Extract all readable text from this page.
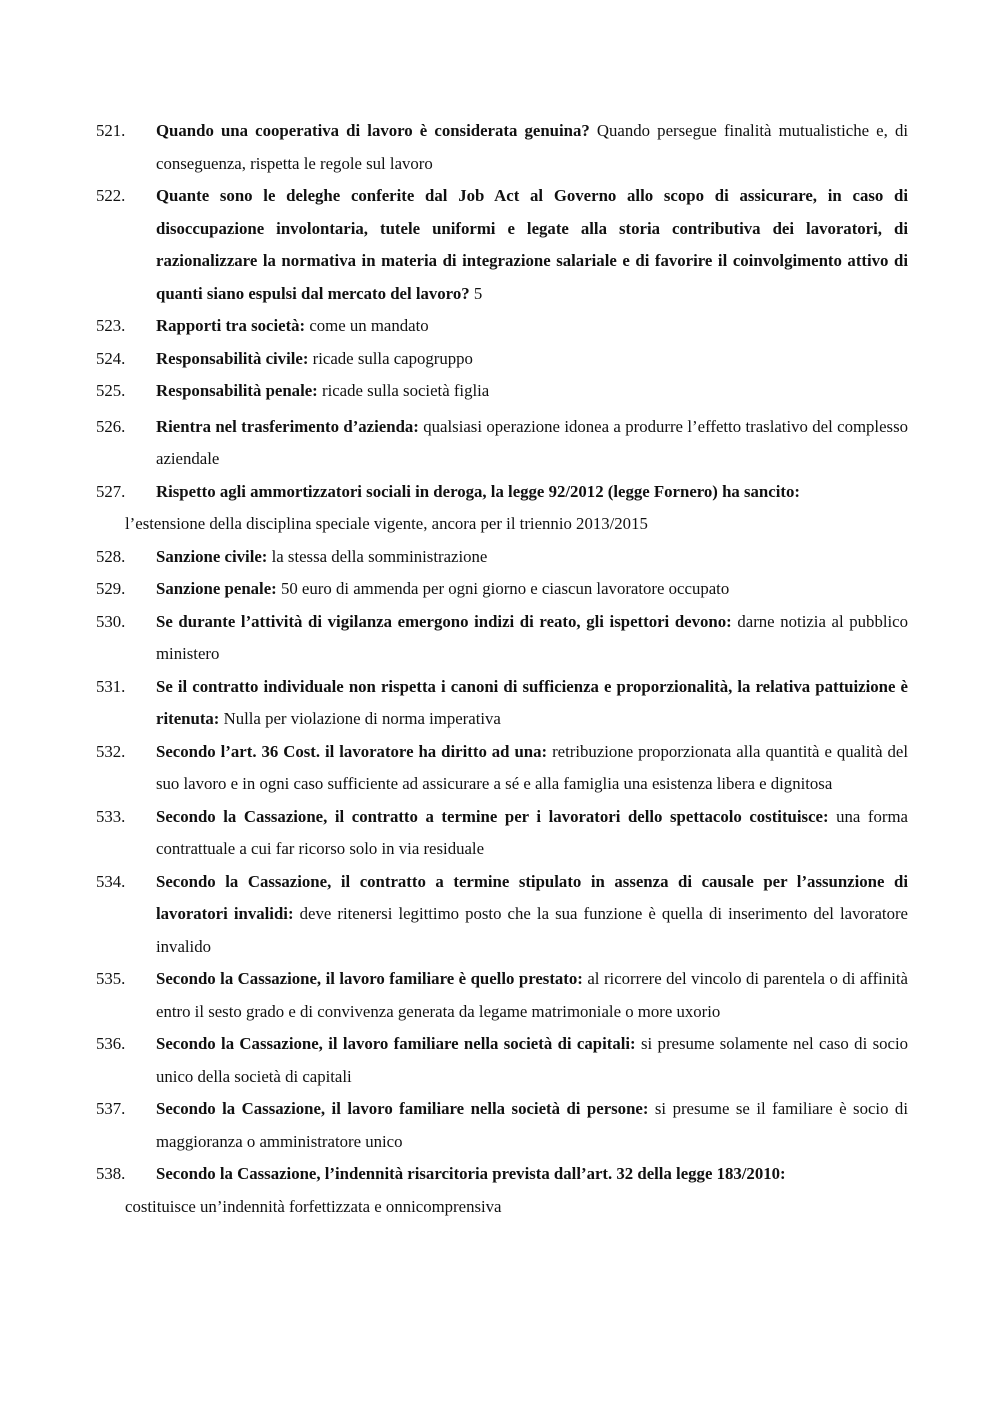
521.	Quando una cooperativa di lavoro è considerata genuina? Quando persegue finalità mutualistiche e, di conseguenza, rispetta le regole sul lavoro
522.	Quante sono le deleghe conferite dal Job Act al Governo allo scopo di assicurare, in caso di disoccupazione involontaria, tutele uniformi e legate alla storia contributiva dei lavoratori, di razionalizzare la normativa in materia di integrazione salariale e di favorire il coinvolgimento attivo di quanti siano espulsi dal mercato del lavoro? 5
523.	Rapporti tra società: come un mandato
524.	Responsabilità civile: ricade sulla capogruppo
525.	Responsabilità penale: ricade sulla società figlia
526.	Rientra nel trasferimento d’azienda: qualsiasi operazione idonea a produrre l’effetto traslativo del complesso aziendale
527.	Rispetto agli ammortizzatori sociali in deroga, la legge 92/2012 (legge Fornero) ha sancito:
l’estensione della disciplina speciale vigente, ancora per il triennio 2013/2015
528.	Sanzione civile: la stessa della somministrazione
529.	Sanzione penale: 50 euro di ammenda per ogni giorno e ciascun lavoratore occupato
530.	Se durante l’attività di vigilanza emergono indizi di reato, gli ispettori devono: darne notizia al pubblico ministero
531.	Se il contratto individuale non rispetta i canoni di sufficienza e proporzionalità, la relativa pattuizione è ritenuta: Nulla per violazione di norma imperativa
532.	Secondo l’art. 36 Cost. il lavoratore ha diritto ad una: retribuzione proporzionata alla quantità e qualità del suo lavoro e in ogni caso sufficiente ad assicurare a sé e alla famiglia una esistenza libera e dignitosa
533.	Secondo la Cassazione, il contratto a termine per i lavoratori dello spettacolo costituisce: una forma contrattuale a cui far ricorso solo in via residuale
534.	Secondo la Cassazione, il contratto a termine stipulato in assenza di causale per l’assunzione di lavoratori invalidi: deve ritenersi legittimo posto che la sua funzione è quella di inserimento del lavoratore invalido
535.	Secondo la Cassazione, il lavoro familiare è quello prestato: al ricorrere del vincolo di parentela o di affinità entro il sesto grado e di convivenza generata da legame matrimoniale o more uxorio
536.	Secondo la Cassazione, il lavoro familiare nella società di capitali: si presume solamente nel caso di socio unico della società di capitali
537.	Secondo la Cassazione, il lavoro familiare nella società di persone: si presume se il familiare è socio di maggioranza o amministratore unico
538.	Secondo la Cassazione, l’indennità risarcitoria prevista dall’art. 32 della legge 183/2010:
costituisce un’indennità forfettizzata e onnicomprensiva
